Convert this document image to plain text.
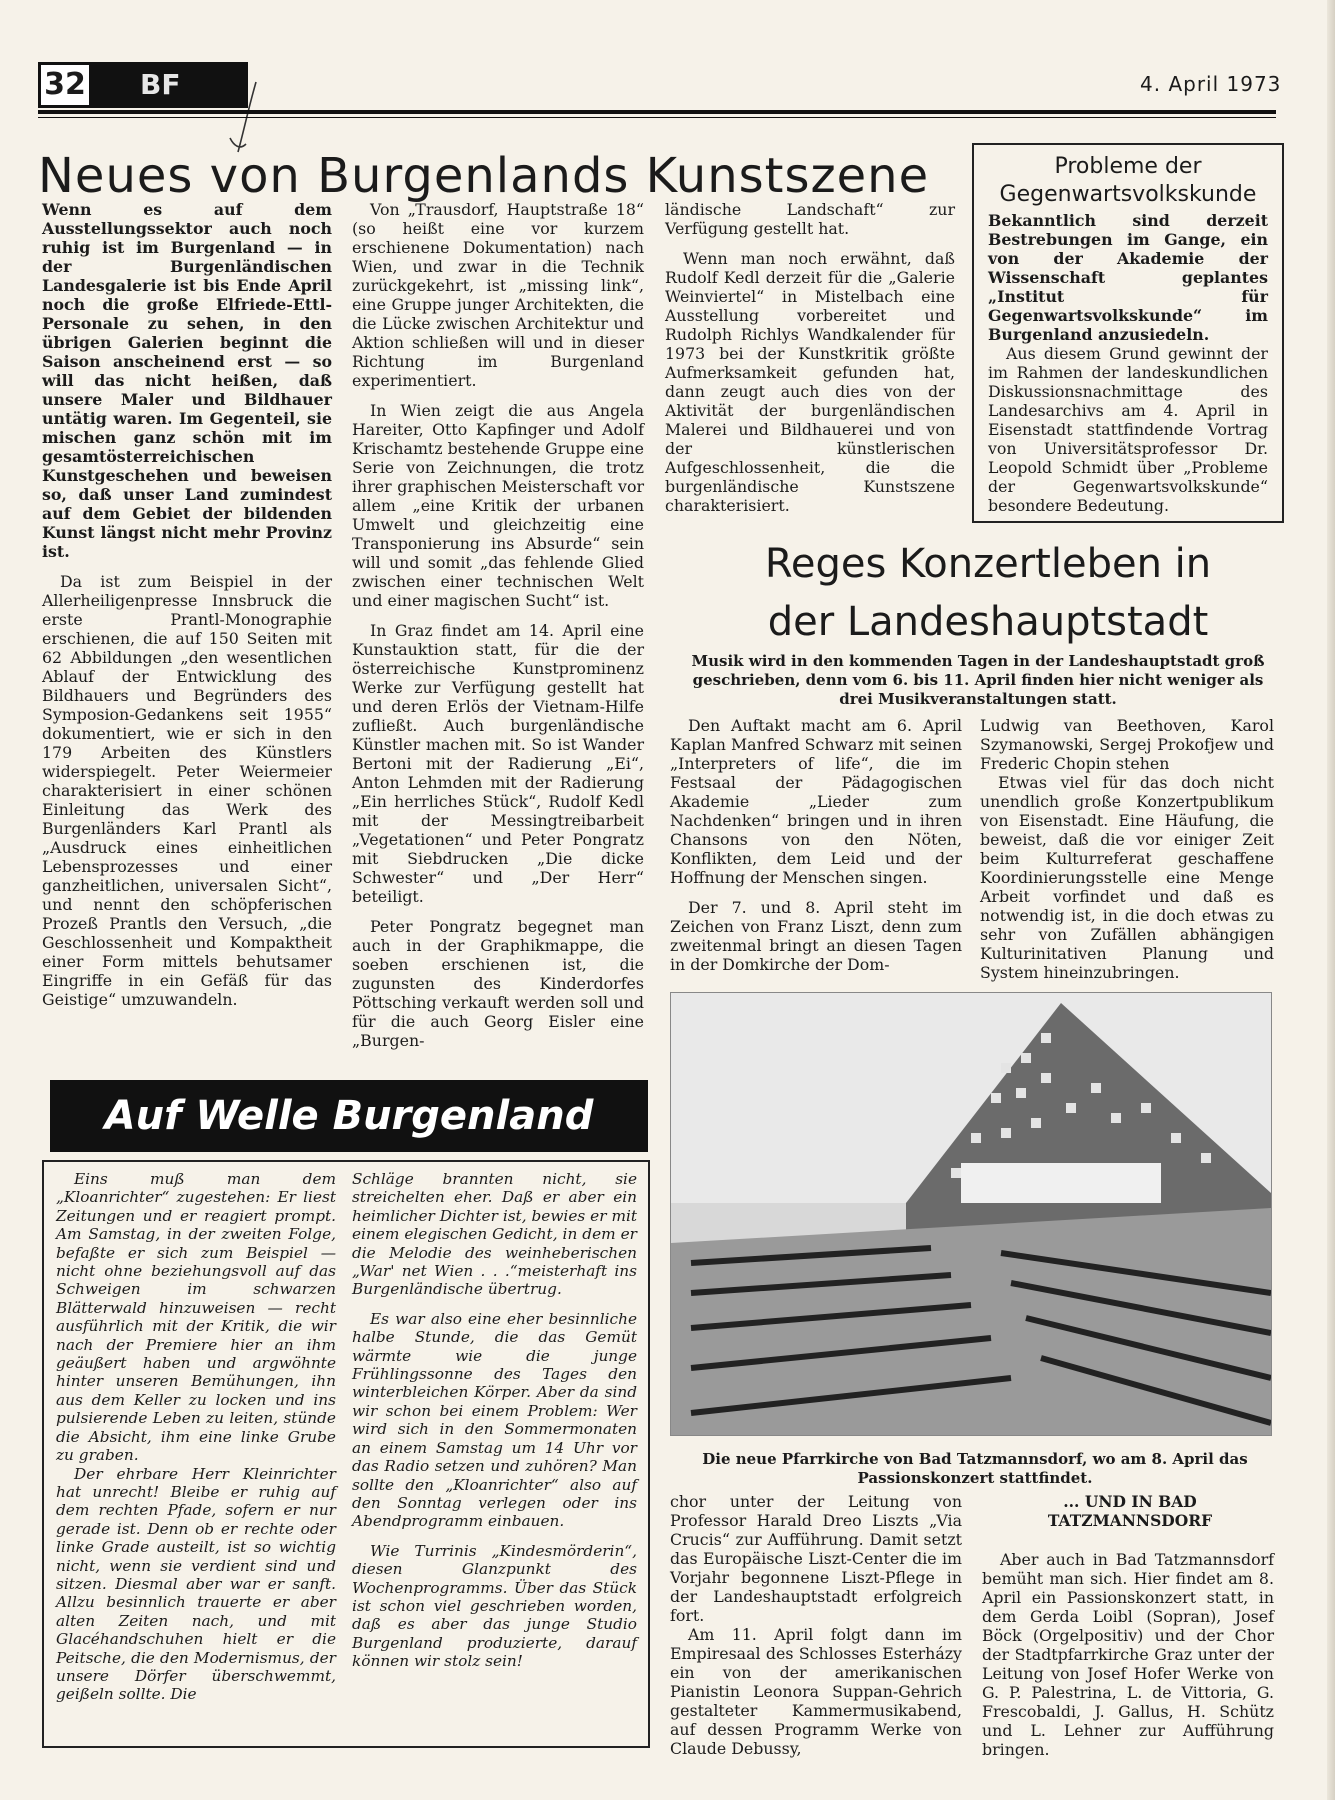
32	BF	4. April 1973
Neues von Burgenlands Kunstszene

Wenn es auf dem Ausstellungssektor auch noch ruhig ist im Burgenland — in der Burgenländischen Landesgalerie ist bis Ende April noch die große Elfriede-Ettl-Personale zu sehen, in den übrigen Galerien beginnt die Saison anscheinend erst — so will das nicht heißen, daß unsere Maler und Bildhauer untätig waren. Im Gegenteil, sie mischen ganz schön mit im gesamtösterreichischen Kunstgeschehen und beweisen so, daß unser Land zumindest auf dem Gebiet der bildenden Kunst längst nicht mehr Provinz ist.

Da ist zum Beispiel in der Allerheiligenpresse Innsbruck die erste Prantl-Monographie erschienen, die auf 150 Seiten mit 62 Abbildungen „den wesentlichen Ablauf der Entwicklung des Bildhauers und Begründers des Symposion-Gedankens seit 1955“ dokumentiert, wie er sich in den 179 Arbeiten des Künstlers widerspiegelt. Peter Weiermeier charakterisiert in einer schönen Einleitung das Werk des Burgenländers Karl Prantl als „Ausdruck eines einheitlichen Lebensprozesses und einer ganzheitlichen, universalen Sicht“, und nennt den schöpferischen Prozeß Prantls den Versuch, „die Geschlossenheit und Kompaktheit einer Form mittels behutsamer Eingriffe in ein Gefäß für das Geistige“ umzuwandeln.

Von „Trausdorf, Hauptstraße 18“ (so heißt eine vor kurzem erschienene Dokumentation) nach Wien, und zwar in die Technik zurückgekehrt, ist „missing link“, eine Gruppe junger Architekten, die die Lücke zwischen Architektur und Aktion schließen will und in dieser Richtung im Burgenland experimentiert.

In Wien zeigt die aus Angela Hareiter, Otto Kapfinger und Adolf Krischamtz bestehende Gruppe eine Serie von Zeichnungen, die trotz ihrer graphischen Meisterschaft vor allem „eine Kritik der urbanen Umwelt und gleichzeitig eine Transponierung ins Absurde“ sein will und somit „das fehlende Glied zwischen einer technischen Welt und einer magischen Sucht“ ist.

In Graz findet am 14. April eine Kunstauktion statt, für die der österreichische Kunstprominenz Werke zur Verfügung gestellt hat und deren Erlös der Vietnam-Hilfe zufließt. Auch burgenländische Künstler machen mit. So ist Wander Bertoni mit der Radierung „Ei“, Anton Lehmden mit der Radierung „Ein herrliches Stück“, Rudolf Kedl mit der Messingtreibarbeit „Vegetationen“ und Peter Pongratz mit Siebdrucken „Die dicke Schwester“ und „Der Herr“ beteiligt.

Peter Pongratz begegnet man auch in der Graphikmappe, die soeben erschienen ist, die zugunsten des Kinderdorfes Pöttsching verkauft werden soll und für die auch Georg Eisler eine „Burgen-

ländische Landschaft“ zur Verfügung gestellt hat.

Wenn man noch erwähnt, daß Rudolf Kedl derzeit für die „Galerie Weinviertel“ in Mistelbach eine Ausstellung vorbereitet und Rudolph Richlys Wandkalender für 1973 bei der Kunstkritik größte Aufmerksamkeit gefunden hat, dann zeugt auch dies von der Aktivität der burgenländischen Malerei und Bildhauerei und von der künstlerischen Aufgeschlossenheit, die die burgenländische Kunstszene charakterisiert.

Probleme der Gegenwartsvolkskunde

Bekanntlich sind derzeit Bestrebungen im Gange, ein von der Akademie der Wissenschaft geplantes „Institut für Gegenwartsvolkskunde“ im Burgenland anzusiedeln.

Aus diesem Grund gewinnt der im Rahmen der landeskundlichen Diskussionsnachmittage des Landesarchivs am 4. April in Eisenstadt stattfindende Vortrag von Universitätsprofessor Dr. Leopold Schmidt über „Probleme der Gegenwartsvolkskunde“ besondere Bedeutung.

Reges Konzertleben in der Landeshauptstadt
Musik wird in den kommenden Tagen in der Landeshauptstadt groß geschrieben, denn vom 6. bis 11. April finden hier nicht weniger als drei Musikveranstaltungen statt.

Den Auftakt macht am 6. April Kaplan Manfred Schwarz mit seinen „Interpreters of life“, die im Festsaal der Pädagogischen Akademie „Lieder zum Nachdenken“ bringen und in ihren Chansons von den Nöten, Konflikten, dem Leid und der Hoffnung der Menschen singen.

Der 7. und 8. April steht im Zeichen von Franz Liszt, denn zum zweitenmal bringt an diesen Tagen in der Domkirche der Dom-

Ludwig van Beethoven, Karol Szymanowski, Sergej Prokofjew und Frederic Chopin stehen

Etwas viel für das doch nicht unendlich große Konzertpublikum von Eisenstadt. Eine Häufung, die beweist, daß die vor einiger Zeit beim Kulturreferat geschaffene Koordinierungsstelle eine Menge Arbeit vorfindet und daß es notwendig ist, in die doch etwas zu sehr von Zufällen abhängigen Kulturinitativen Planung und System hineinzubringen.

Die neue Pfarrkirche von Bad Tatzmannsdorf, wo am 8. April das Passionskonzert stattfindet.

chor unter der Leitung von Professor Harald Dreo Liszts „Via Crucis“ zur Aufführung. Damit setzt das Europäische Liszt-Center die im Vorjahr begonnene Liszt-Pflege in der Landeshauptstadt erfolgreich fort.

Am 11. April folgt dann im Empiresaal des Schlosses Esterházy ein von der amerikanischen Pianistin Leonora Suppan-Gehrich gestalteter Kammermusikabend, auf dessen Programm Werke von Claude Debussy,

... UND IN BAD TATZMANNSDORF

Aber auch in Bad Tatzmannsdorf bemüht man sich. Hier findet am 8. April ein Passionskonzert statt, in dem Gerda Loibl (Sopran), Josef Böck (Orgelpositiv) und der Chor der Stadtpfarrkirche Graz unter der Leitung von Josef Hofer Werke von G. P. Palestrina, L. de Vittoria, G. Frescobaldi, J. Gallus, H. Schütz und L. Lehner zur Aufführung bringen.

Auf Welle Burgenland

Eins muß man dem „Kloanrichter“ zugestehen: Er liest Zeitungen und er reagiert prompt. Am Samstag, in der zweiten Folge, befaßte er sich zum Beispiel — nicht ohne beziehungsvoll auf das Schweigen im schwarzen Blätterwald hinzuweisen — recht ausführlich mit der Kritik, die wir nach der Premiere hier an ihm geäußert haben und argwöhnte hinter unseren Bemühungen, ihn aus dem Keller zu locken und ins pulsierende Leben zu leiten, stünde die Absicht, ihm eine linke Grube zu graben.

Der ehrbare Herr Kleinrichter hat unrecht! Bleibe er ruhig auf dem rechten Pfade, sofern er nur gerade ist. Denn ob er rechte oder linke Grade austeilt, ist so wichtig nicht, wenn sie verdient sind und sitzen. Diesmal aber war er sanft. Allzu besinnlich trauerte er aber alten Zeiten nach, und mit Glacéhandschuhen hielt er die Peitsche, die den Modernismus, der unsere Dörfer überschwemmt, geißeln sollte. Die

Schläge brannten nicht, sie streichelten eher. Daß er aber ein heimlicher Dichter ist, bewies er mit einem elegischen Gedicht, in dem er die Melodie des weinheberischen „War' net Wien . . .“meisterhaft ins Burgenländische übertrug.

Es war also eine eher besinnliche halbe Stunde, die das Gemüt wärmte wie die junge Frühlingssonne des Tages den winterbleichen Körper. Aber da sind wir schon bei einem Problem: Wer wird sich in den Sommermonaten an einem Samstag um 14 Uhr vor das Radio setzen und zuhören? Man sollte den „Kloanrichter“ also auf den Sonntag verlegen oder ins Abendprogramm einbauen.

Wie Turrinis „Kindesmörderin“, diesen Glanzpunkt des Wochenprogramms. Über das Stück ist schon viel geschrieben worden, daß es aber das junge Studio Burgenland produzierte, darauf können wir stolz sein!
